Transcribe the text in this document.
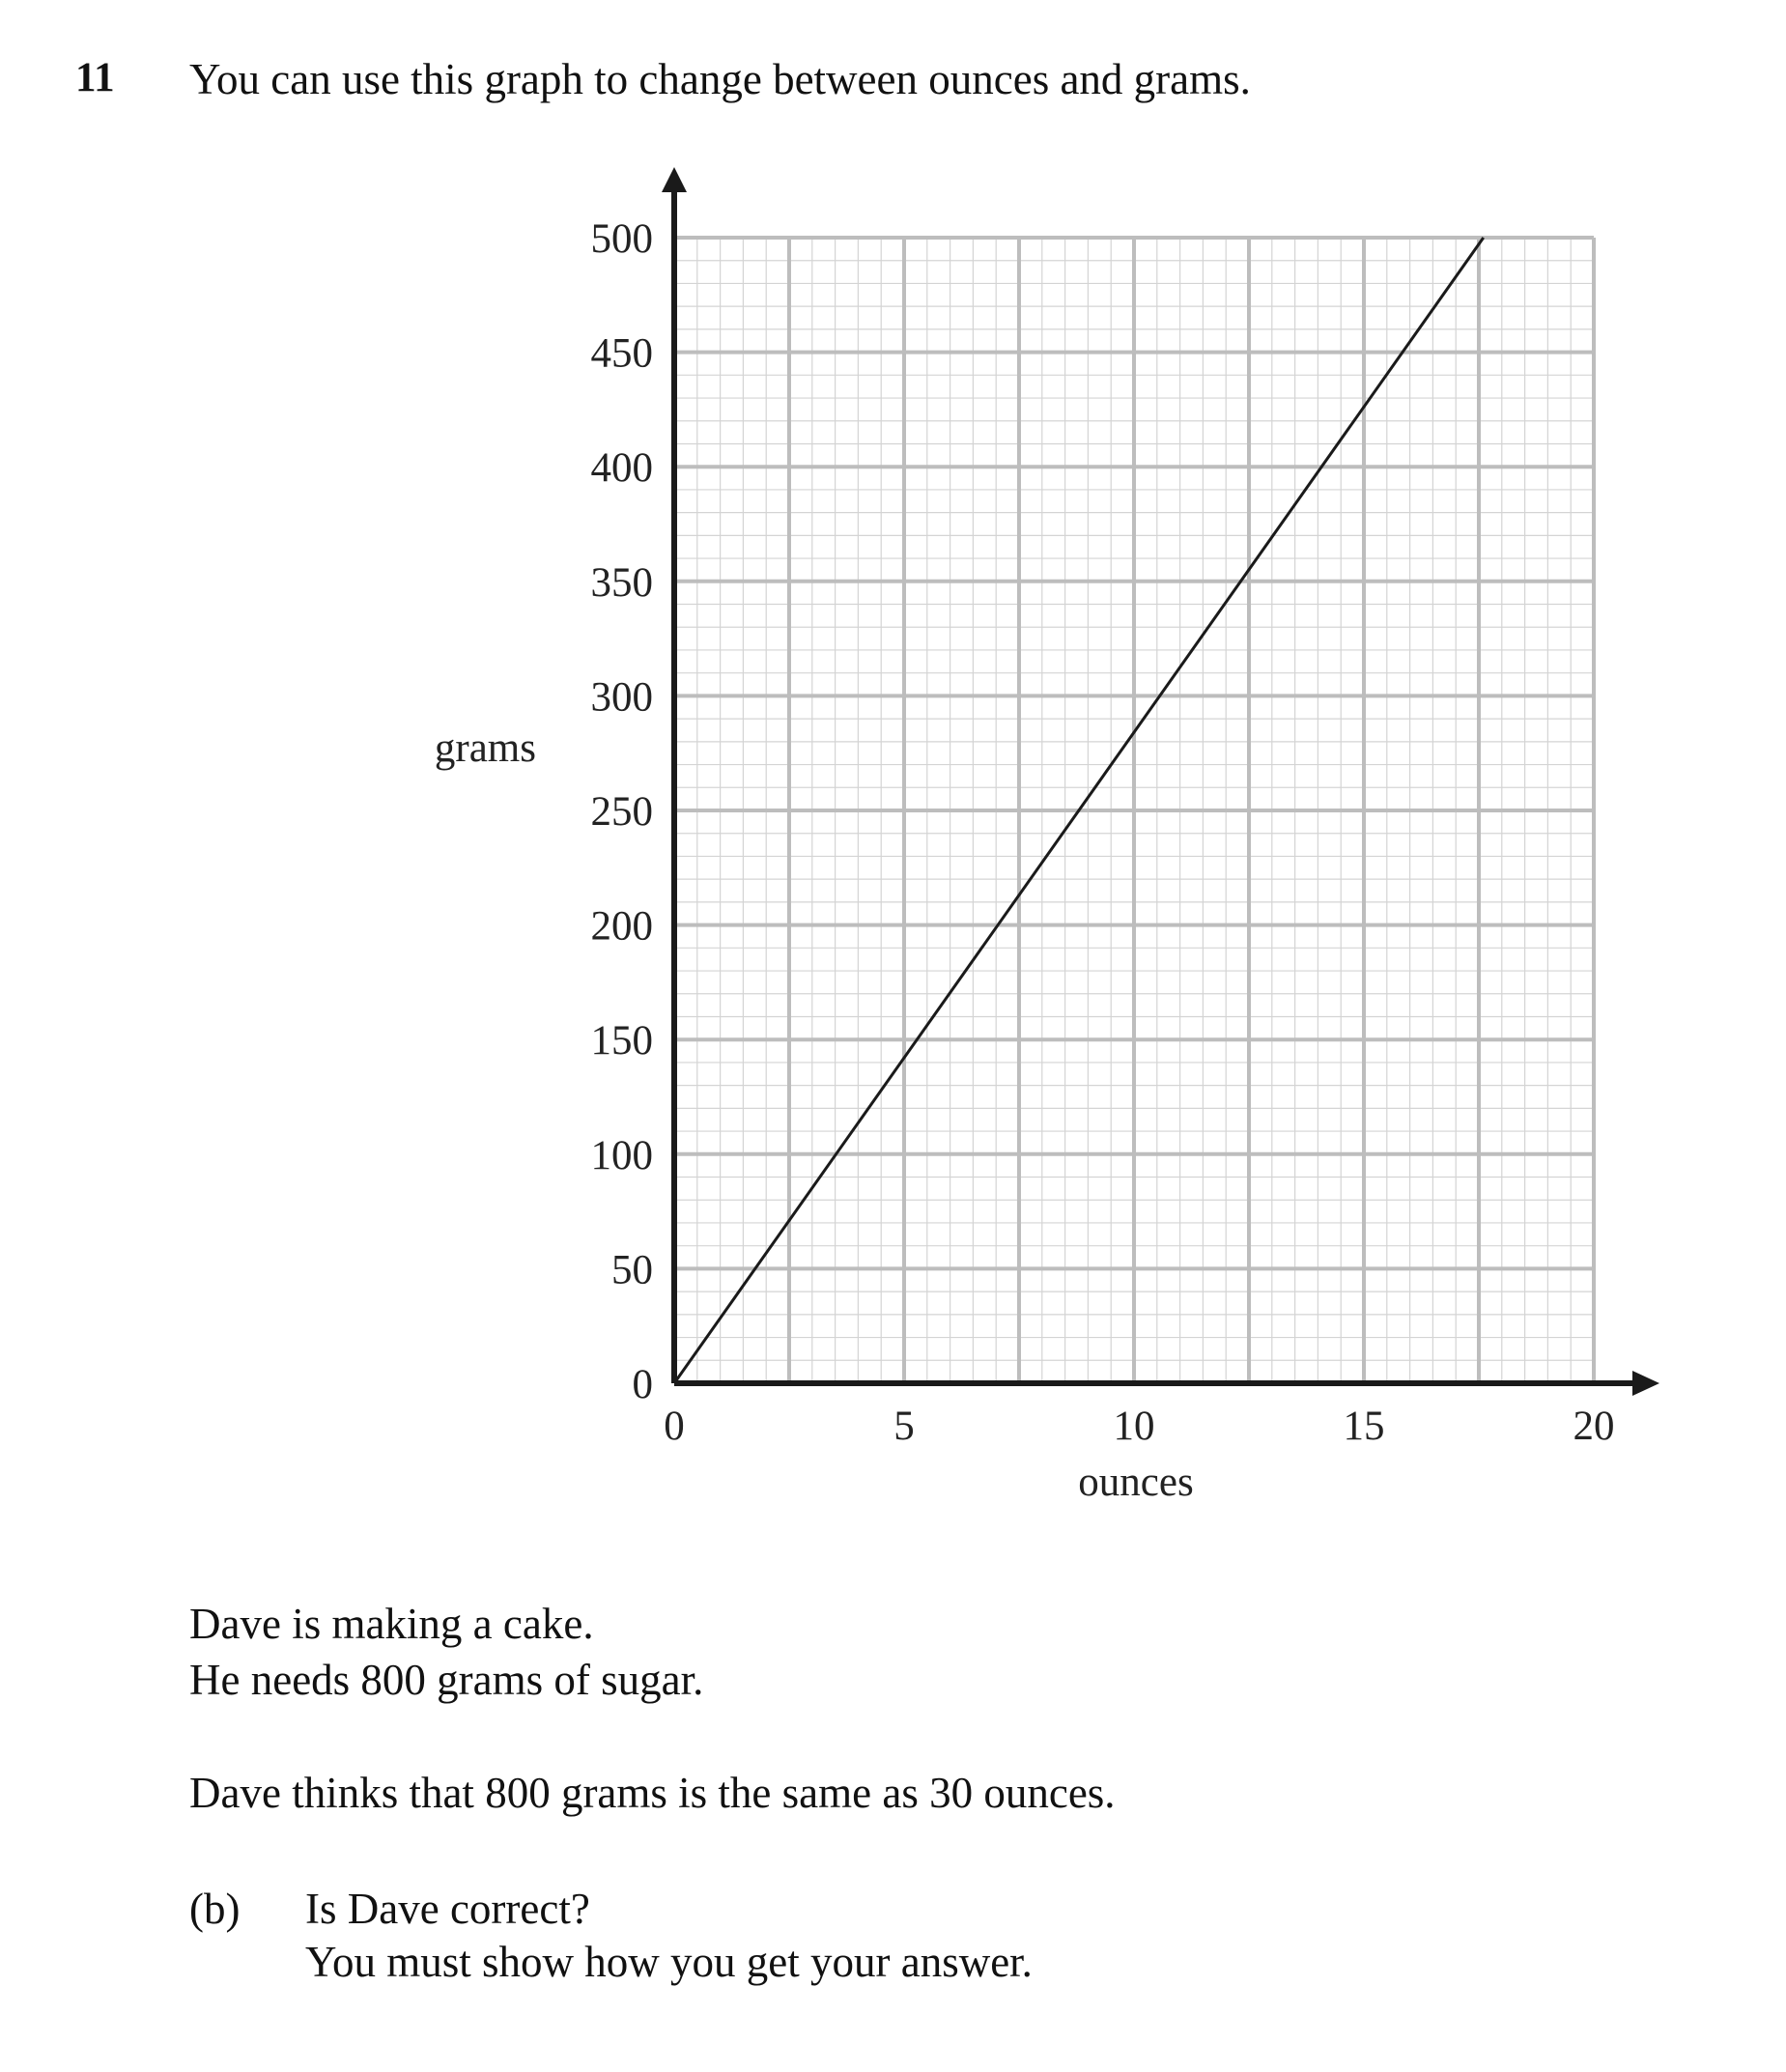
11 You can use this graph to change between ounces and grams.
0	5	10	15	20
0
50
100
150
200
250
300
350
400
450
500
ounces
grams
Dave is making a cake.
He needs 800 grams of sugar.
Dave thinks that 800 grams is the same as 30 ounces.
(b) Is Dave correct?
You must show how you get your answer.
